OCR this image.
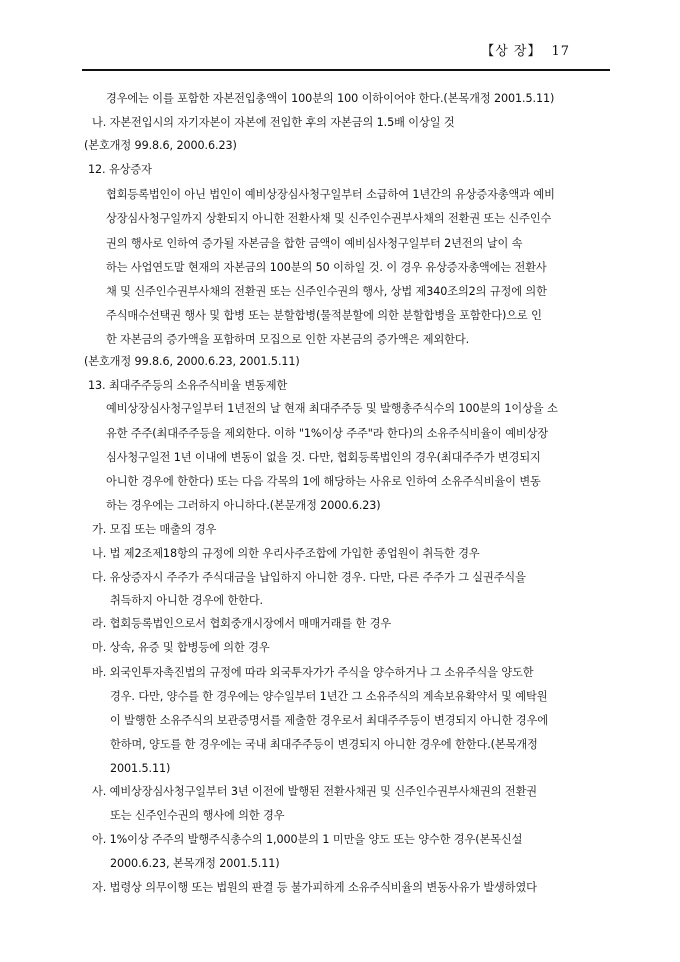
【상 장】 17
경우에는 이를 포함한 자본전입총액이 100분의 100 이하이어야 한다.(본목개정 2001.5.11)
나. 자본전입시의 자기자본이 자본에 전입한 후의 자본금의 1.5배 이상일 것
(본호개정 99.8.6, 2000.6.23)
12. 유상증자
협회등록법인이 아닌 법인이 예비상장심사청구일부터 소급하여 1년간의 유상증자총액과 예비
상장심사청구일까지 상환되지 아니한 전환사채 및 신주인수권부사채의 전환권 또는 신주인수
권의 행사로 인하여 증가될 자본금을 합한 금액이 예비심사청구일부터 2년전의 날이 속
하는 사업연도말 현재의 자본금의 100분의 50 이하일 것. 이 경우 유상증자총액에는 전환사
채 및 신주인수권부사채의 전환권 또는 신주인수권의 행사, 상법 제340조의2의 규정에 의한
주식매수선택권 행사 및 합병 또는 분할합병(물적분할에 의한 분할합병을 포함한다)으로 인
한 자본금의 증가액을 포함하며 모집으로 인한 자본금의 증가액은 제외한다.
(본호개정 99.8.6, 2000.6.23, 2001.5.11)
13. 최대주주등의 소유주식비율 변동제한
예비상장심사청구일부터 1년전의 날 현재 최대주주등 및 발행총주식수의 100분의 1이상을 소
유한 주주(최대주주등을 제외한다. 이하 "1%이상 주주"라 한다)의 소유주식비율이 예비상장
심사청구일전 1년 이내에 변동이 없을 것. 다만, 협회등록법인의 경우(최대주주가 변경되지
아니한 경우에 한한다) 또는 다음 각목의 1에 해당하는 사유로 인하여 소유주식비율이 변동
하는 경우에는 그러하지 아니하다.(본문개정 2000.6.23)
가. 모집 또는 매출의 경우
나. 법 제2조제18항의 규정에 의한 우리사주조합에 가입한 종업원이 취득한 경우
다. 유상증자시 주주가 주식대금을 납입하지 아니한 경우. 다만, 다른 주주가 그 실권주식을
취득하지 아니한 경우에 한한다.
라. 협회등록법인으로서 협회중개시장에서 매매거래를 한 경우
마. 상속, 유증 및 합병등에 의한 경우
바. 외국인투자촉진법의 규정에 따라 외국투자가가 주식을 양수하거나 그 소유주식을 양도한
경우. 다만, 양수를 한 경우에는 양수일부터 1년간 그 소유주식의 계속보유확약서 및 예탁원
이 발행한 소유주식의 보관증명서를 제출한 경우로서 최대주주등이 변경되지 아니한 경우에
한하며, 양도를 한 경우에는 국내 최대주주등이 변경되지 아니한 경우에 한한다.(본목개정
2001.5.11)
사. 예비상장심사청구일부터 3년 이전에 발행된 전환사채권 및 신주인수권부사채권의 전환권
또는 신주인수권의 행사에 의한 경우
아. 1%이상 주주의 발행주식총수의 1,000분의 1 미만을 양도 또는 양수한 경우(본목신설
2000.6.23, 본목개정 2001.5.11)
자. 법령상 의무이행 또는 법원의 판결 등 불가피하게 소유주식비율의 변동사유가 발생하였다
